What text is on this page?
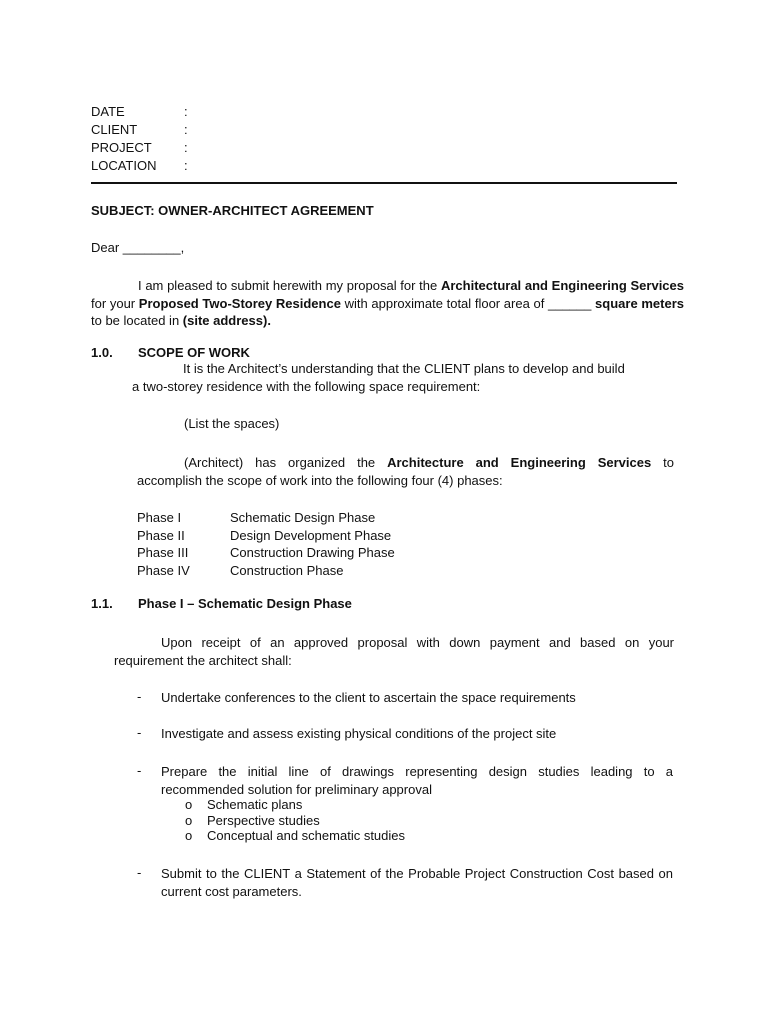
DATE	:
CLIENT	:
PROJECT :
LOCATION :
SUBJECT: OWNER-ARCHITECT AGREEMENT
Dear ________,
I am pleased to submit herewith my proposal for the Architectural and Engineering Services for your Proposed Two-Storey Residence with approximate total floor area of ______ square meters to be located in (site address).
1.0. SCOPE OF WORK
It is the Architect’s understanding that the CLIENT plans to develop and build
a two-storey residence with the following space requirement:
(List the spaces)
(Architect) has organized the Architecture and Engineering Services to accomplish the scope of work into the following four (4) phases:
Phase I	Schematic Design Phase
Phase II	Design Development Phase
Phase III	Construction Drawing Phase
Phase IV	Construction Phase
1.1. Phase I – Schematic Design Phase
Upon receipt of an approved proposal with down payment and based on your requirement the architect shall:
- Undertake conferences to the client to ascertain the space requirements
- Investigate and assess existing physical conditions of the project site
- Prepare the initial line of drawings representing design studies leading to a recommended solution for preliminary approval
o Schematic plans
o Perspective studies
o Conceptual and schematic studies
- Submit to the CLIENT a Statement of the Probable Project Construction Cost based on current cost parameters.
